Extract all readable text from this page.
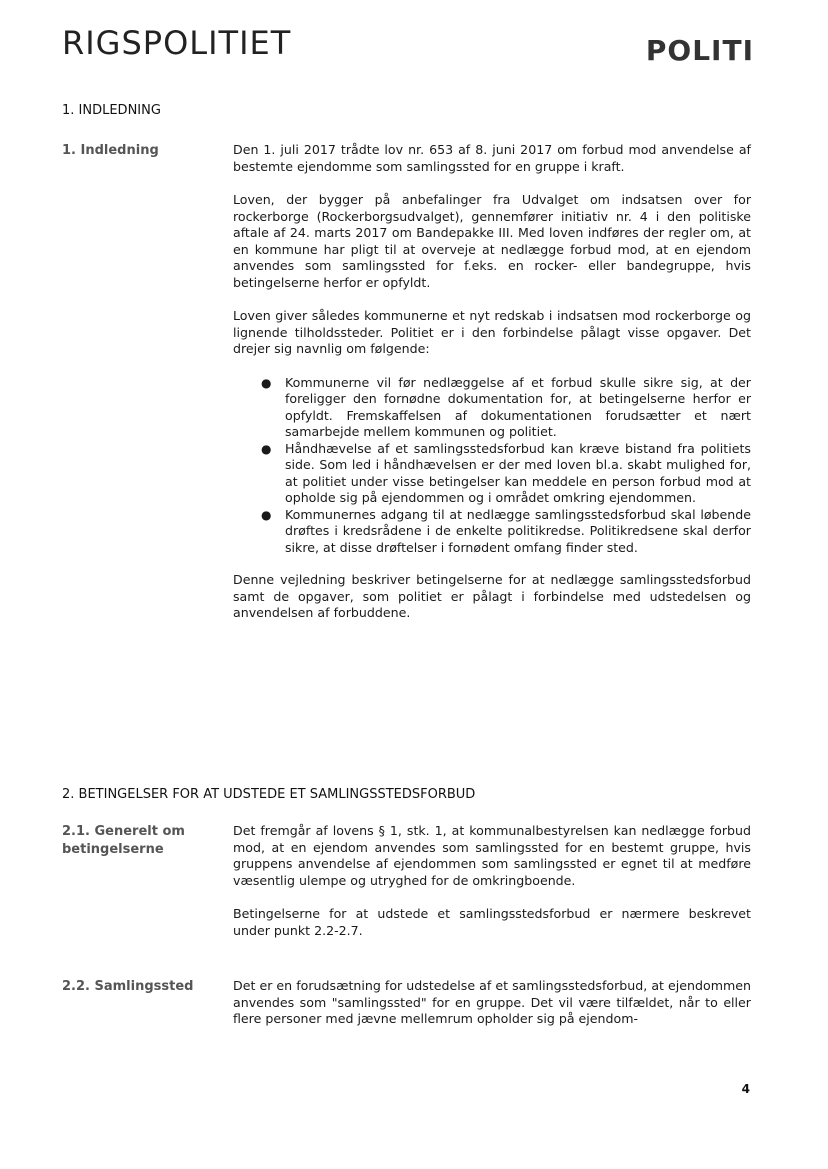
RIGSPOLITIET	POLITI
1. INDLEDNING
1. Indledning	Den 1. juli 2017 trådte lov nr. 653 af 8. juni 2017 om forbud mod anvendelse af bestemte ejendomme som samlingssted for en gruppe i kraft.

Loven, der bygger på anbefalinger fra Udvalget om indsatsen over for rockerborge (Rockerborgsudvalget), gennemfører initiativ nr. 4 i den politiske aftale af 24. marts 2017 om Bandepakke III. Med loven indføres der regler om, at en kommune har pligt til at overveje at nedlægge forbud mod, at en ejendom anvendes som samlingssted for f.eks. en rocker- eller bandegruppe, hvis betingelserne herfor er opfyldt.

Loven giver således kommunerne et nyt redskab i indsatsen mod rockerborge og lignende tilholdssteder. Politiet er i den forbindelse pålagt visse opgaver. Det drejer sig navnlig om følgende:

● Kommunerne vil før nedlæggelse af et forbud skulle sikre sig, at der foreligger den fornødne dokumentation for, at betingelserne herfor er opfyldt. Fremskaffelsen af dokumentationen forudsætter et nært samarbejde mellem kommunen og politiet.
● Håndhævelse af et samlingsstedsforbud kan kræve bistand fra politiets side. Som led i håndhævelsen er der med loven bl.a. skabt mulighed for, at politiet under visse betingelser kan meddele en person forbud mod at opholde sig på ejendommen og i området omkring ejendommen.
● Kommunernes adgang til at nedlægge samlingsstedsforbud skal løbende drøftes i kredsrådene i de enkelte politikredse. Politikredsene skal derfor sikre, at disse drøftelser i fornødent omfang finder sted.

Denne vejledning beskriver betingelserne for at nedlægge samlingsstedsforbud samt de opgaver, som politiet er pålagt i forbindelse med udstedelsen og anvendelsen af forbuddene.

2. BETINGELSER FOR AT UDSTEDE ET SAMLINGSSTEDSFORBUD
2.1. Generelt om betingelserne

Det fremgår af lovens § 1, stk. 1, at kommunalbestyrelsen kan nedlægge forbud mod, at en ejendom anvendes som samlingssted for en bestemt gruppe, hvis gruppens anvendelse af ejendommen som samlingssted er egnet til at medføre væsentlig ulempe og utryghed for de omkringboende.

Betingelserne for at udstede et samlingsstedsforbud er nærmere beskrevet under punkt 2.2-2.7.

2.2. Samlingssted	Det er en forudsætning for udstedelse af et samlingsstedsforbud, at ejendommen anvendes som "samlingssted" for en gruppe. Det vil være tilfældet, når to eller flere personer med jævne mellemrum opholder sig på ejendom-

4
